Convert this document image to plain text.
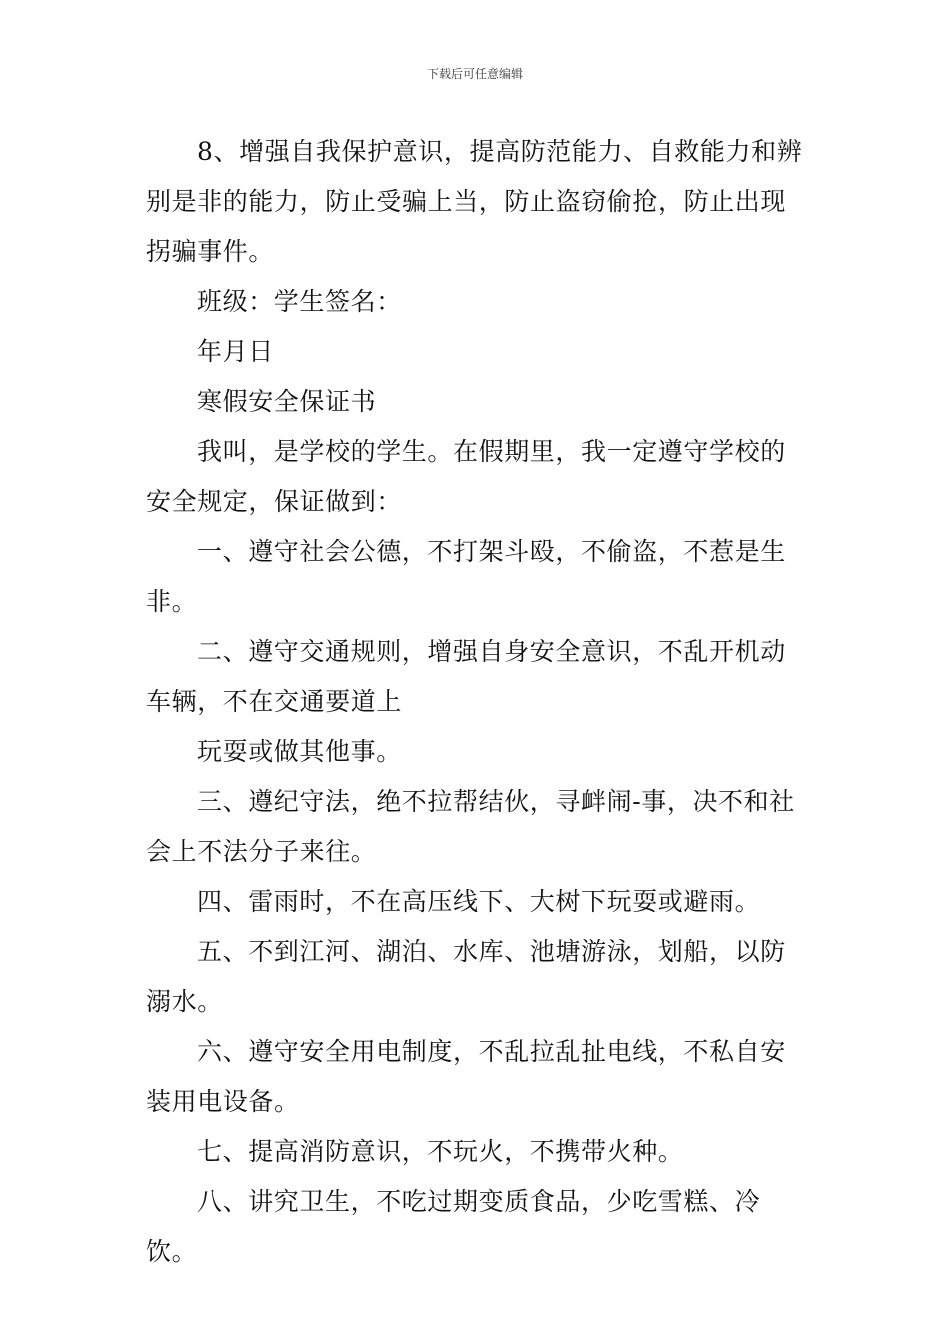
下载后可任意编辑

8、增强自我保护意识，提高防范能力、自救能力和辨别是非的能力，防止受骗上当，防止盗窃偷抢，防止出现拐骗事件。

班级：学生签名：

年月日

寒假安全保证书

我叫，是学校的学生。在假期里，我一定遵守学校的安全规定，保证做到：

一、遵守社会公德，不打架斗殴，不偷盗，不惹是生非。

二、遵守交通规则，增强自身安全意识，不乱开机动车辆，不在交通要道上

玩耍或做其他事。

三、遵纪守法，绝不拉帮结伙，寻衅闹-事，决不和社会上不法分子来往。

四、雷雨时，不在高压线下、大树下玩耍或避雨。

五、不到江河、湖泊、水库、池塘游泳，划船，以防溺水。

六、遵守安全用电制度，不乱拉乱扯电线，不私自安装用电设备。

七、提高消防意识，不玩火，不携带火种。

八、讲究卫生，不吃过期变质食品，少吃雪糕、冷饮。
